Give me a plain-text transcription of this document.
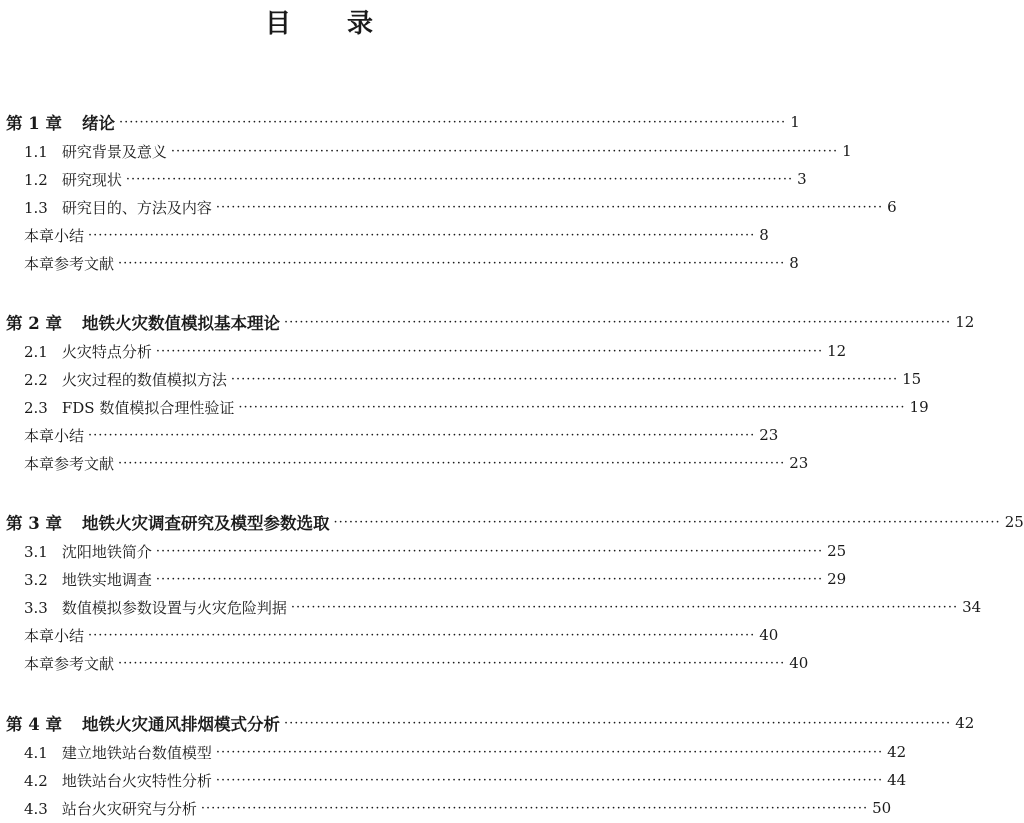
目 录
第 1 章 绪论 ·····	1
1.1 研究背景及意义 ·····	1
1.2 研究现状 ·····	3
1.3 研究目的、方法及内容 ·····	6
本章小结 ·····	8
本章参考文献 ·····	8
第 2 章 地铁火灾数值模拟基本理论 ·····	12
2.1 火灾特点分析 ·····	12
2.2 火灾过程的数值模拟方法 ·····	15
2.3 FDS 数值模拟合理性验证 ·····	19
本章小结 ·····	23
本章参考文献 ·····	23
第 3 章 地铁火灾调查研究及模型参数选取 ·····	25
3.1 沈阳地铁简介 ·····	25
3.2 地铁实地调查 ·····	29
3.3 数值模拟参数设置与火灾危险判据 ·····	34
本章小结 ·····	40
本章参考文献 ·····	40
第 4 章 地铁火灾通风排烟模式分析 ·····	42
4.1 建立地铁站台数值模型 ·····	42
4.2 地铁站台火灾特性分析 ·····	44
4.3 站台火灾研究与分析 ·····	50
